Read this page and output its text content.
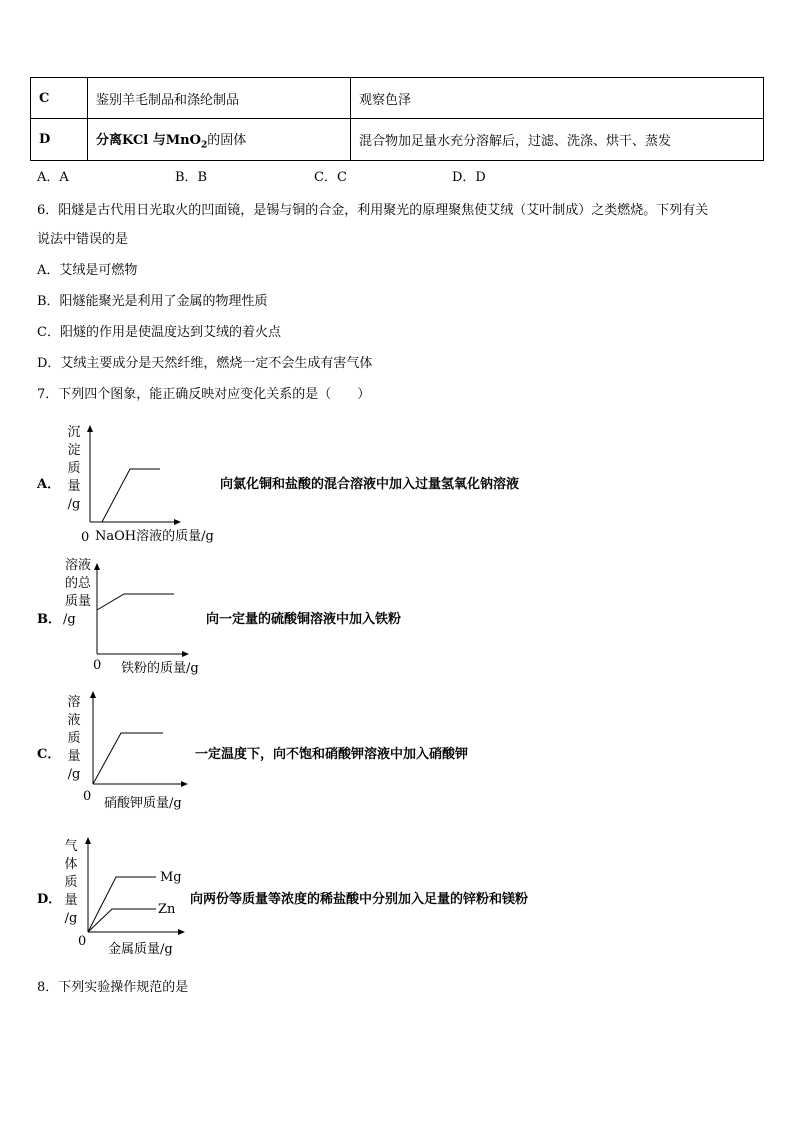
C	鉴别羊毛制品和涤纶制品	观察色泽
D	分离KCl 与MnO$_2$的固体	混合物加足量水充分溶解后，过滤、洗涤、烘干、蒸发
A．A	B．B	C．C	D．D
6．阳燧是古代用日光取火的凹面镜，是锡与铜的合金，利用聚光的原理聚焦使艾绒（艾叶制成）之类燃烧。下列有关
说法中错误的是
A．艾绒是可燃物
B．阳燧能聚光是利用了金属的物理性质
C．阳燧的作用是使温度达到艾绒的着火点
D．艾绒主要成分是天然纤维，燃烧一定不会生成有害气体
7．下列四个图象，能正确反映对应变化关系的是（　　）
A．
沉
淀
质
量
/g
0 NaOH溶液的质量/g
向氯化铜和盐酸的混合溶液中加入过量氢氧化钠溶液
B．
溶液
的总
质量
/g
0 铁粉的质量/g
向一定量的硫酸铜溶液中加入铁粉
C．
溶
液
质
量
/g
0 硝酸钾质量/g
一定温度下，向不饱和硝酸钾溶液中加入硝酸钾
D．
气
体
质
量
/g
Mg
Zn
0
金属质量/g
向两份等质量等浓度的稀盐酸中分别加入足量的锌粉和镁粉
8．下列实验操作规范的是
